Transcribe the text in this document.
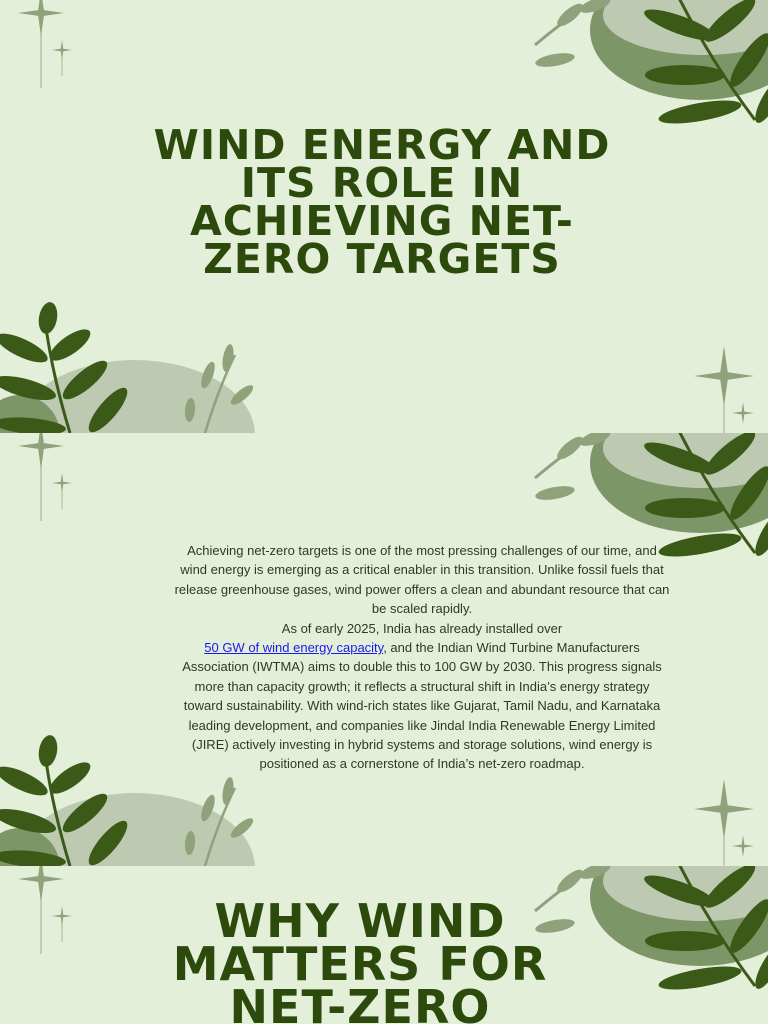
WIND ENERGY AND ITS ROLE IN ACHIEVING NET-ZERO TARGETS

Achieving net-zero targets is one of the most pressing challenges of our time, and wind energy is emerging as a critical enabler in this transition. Unlike fossil fuels that release greenhouse gases, wind power offers a clean and abundant resource that can be scaled rapidly.
As of early 2025, India has already installed over
50 GW of wind energy capacity, and the Indian Wind Turbine Manufacturers Association (IWTMA) aims to double this to 100 GW by 2030. This progress signals more than capacity growth; it reflects a structural shift in India’s energy strategy toward sustainability. With wind-rich states like Gujarat, Tamil Nadu, and Karnataka leading development, and companies like Jindal India Renewable Energy Limited (JIRE) actively investing in hybrid systems and storage solutions, wind energy is positioned as a cornerstone of India’s net-zero roadmap.

WHY WIND MATTERS FOR NET-ZERO
